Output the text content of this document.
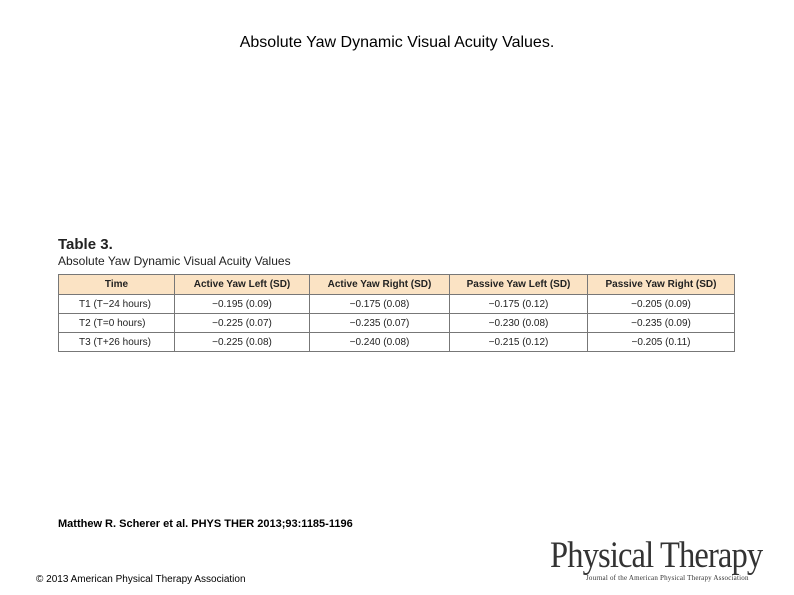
Absolute Yaw Dynamic Visual Acuity Values.
Table 3.
Absolute Yaw Dynamic Visual Acuity Values
Time	Active Yaw Left (SD)	Active Yaw Right (SD)	Passive Yaw Left (SD)	Passive Yaw Right (SD)
T1 (T−24 hours)	−0.195 (0.09)	−0.175 (0.08)	−0.175 (0.12)	−0.205 (0.09)
T2 (T=0 hours)	−0.225 (0.07)	−0.235 (0.07)	−0.230 (0.08)	−0.235 (0.09)
T3 (T+26 hours)	−0.225 (0.08)	−0.240 (0.08)	−0.215 (0.12)	−0.205 (0.11)
Matthew R. Scherer et al. PHYS THER 2013;93:1185-1196
© 2013 American Physical Therapy Association
Physical Therapy
Journal of the American Physical Therapy Association
